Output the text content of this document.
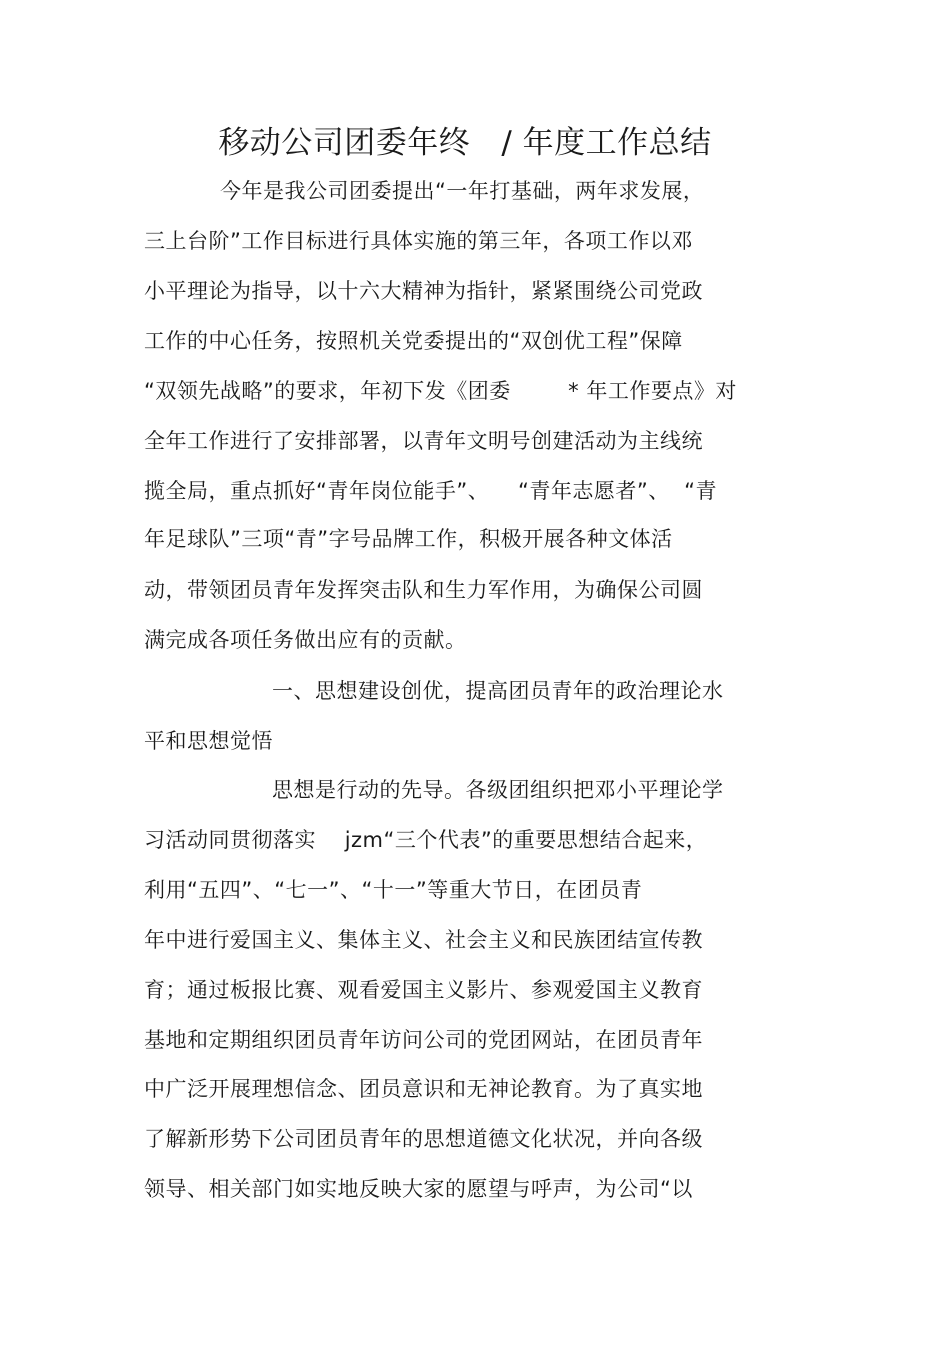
移动公司团委年终   / 年度工作总结
今年是我公司团委提出“一年打基础，两年求发展，
三上台阶”工作目标进行具体实施的第三年，各项工作以邓
小平理论为指导，以十六大精神为指针，紧紧围绕公司党政
工作的中心任务，按照机关党委提出的“双创优工程”保障
“双领先战略”的要求，年初下发《团委        * 年工作要点》对
全年工作进行了安排部署，以青年文明号创建活动为主线统
揽全局，重点抓好“青年岗位能手”、    “青年志愿者”、  “青
年足球队”三项“青”字号品牌工作，积极开展各种文体活
动，带领团员青年发挥突击队和生力军作用，为确保公司圆
满完成各项任务做出应有的贡献。
一、思想建设创优，提高团员青年的政治理论水
平和思想觉悟
思想是行动的先导。各级团组织把邓小平理论学
习活动同贯彻落实    jzm“三个代表”的重要思想结合起来，
利用“五四”、“七一”、“十一”等重大节日，在团员青
年中进行爱国主义、集体主义、社会主义和民族团结宣传教
育；通过板报比赛、观看爱国主义影片、参观爱国主义教育
基地和定期组织团员青年访问公司的党团网站，在团员青年
中广泛开展理想信念、团员意识和无神论教育。为了真实地
了解新形势下公司团员青年的思想道德文化状况，并向各级
领导、相关部门如实地反映大家的愿望与呼声，为公司“以
